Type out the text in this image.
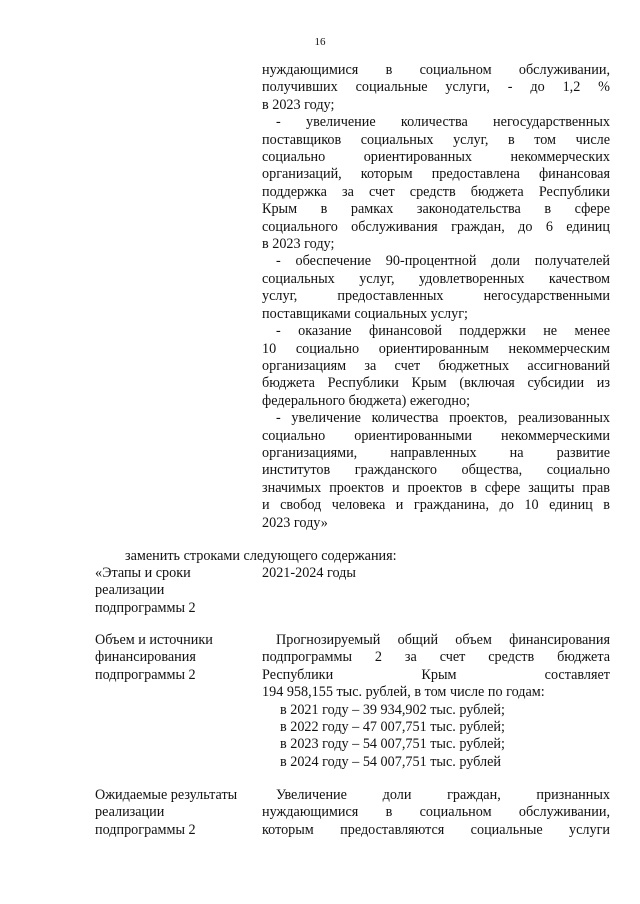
16
нуждающимися в социальном обслуживании,
получивших социальные услуги, - до 1,2 %
в 2023 году;
- увеличение количества негосударственных
поставщиков социальных услуг, в том числе
социально ориентированных некоммерческих
организаций, которым предоставлена финансовая
поддержка за счет средств бюджета Республики
Крым в рамках законодательства в сфере
социального обслуживания граждан, до 6 единиц
в 2023 году;
- обеспечение 90-процентной доли получателей
социальных услуг, удовлетворенных качеством
услуг, предоставленных негосударственными
поставщиками социальных услуг;
- оказание финансовой поддержки не менее
10 социально ориентированным некоммерческим
организациям за счет бюджетных ассигнований
бюджета Республики Крым (включая субсидии из
федерального бюджета) ежегодно;
- увеличение количества проектов, реализованных
социально ориентированными некоммерческими
организациями, направленных на развитие
институтов гражданского общества, социально
значимых проектов и проектов в сфере защиты прав
и свобод человека и гражданина, до 10 единиц в
2023 году»
заменить строками следующего содержания:
«Этапы и сроки
реализации
подпрограммы 2
2021-2024 годы
Объем и источники
финансирования
подпрограммы 2
Прогнозируемый общий объем финансирования
подпрограммы 2 за счет средств бюджета
Республики Крым составляет
194 958,155 тыс. рублей, в том числе по годам:
в 2021 году – 39 934,902 тыс. рублей;
в 2022 году – 47 007,751 тыс. рублей;
в 2023 году – 54 007,751 тыс. рублей;
в 2024 году – 54 007,751 тыс. рублей
Ожидаемые результаты
реализации
подпрограммы 2
Увеличение доли граждан, признанных
нуждающимися в социальном обслуживании,
которым предоставляются социальные услуги
